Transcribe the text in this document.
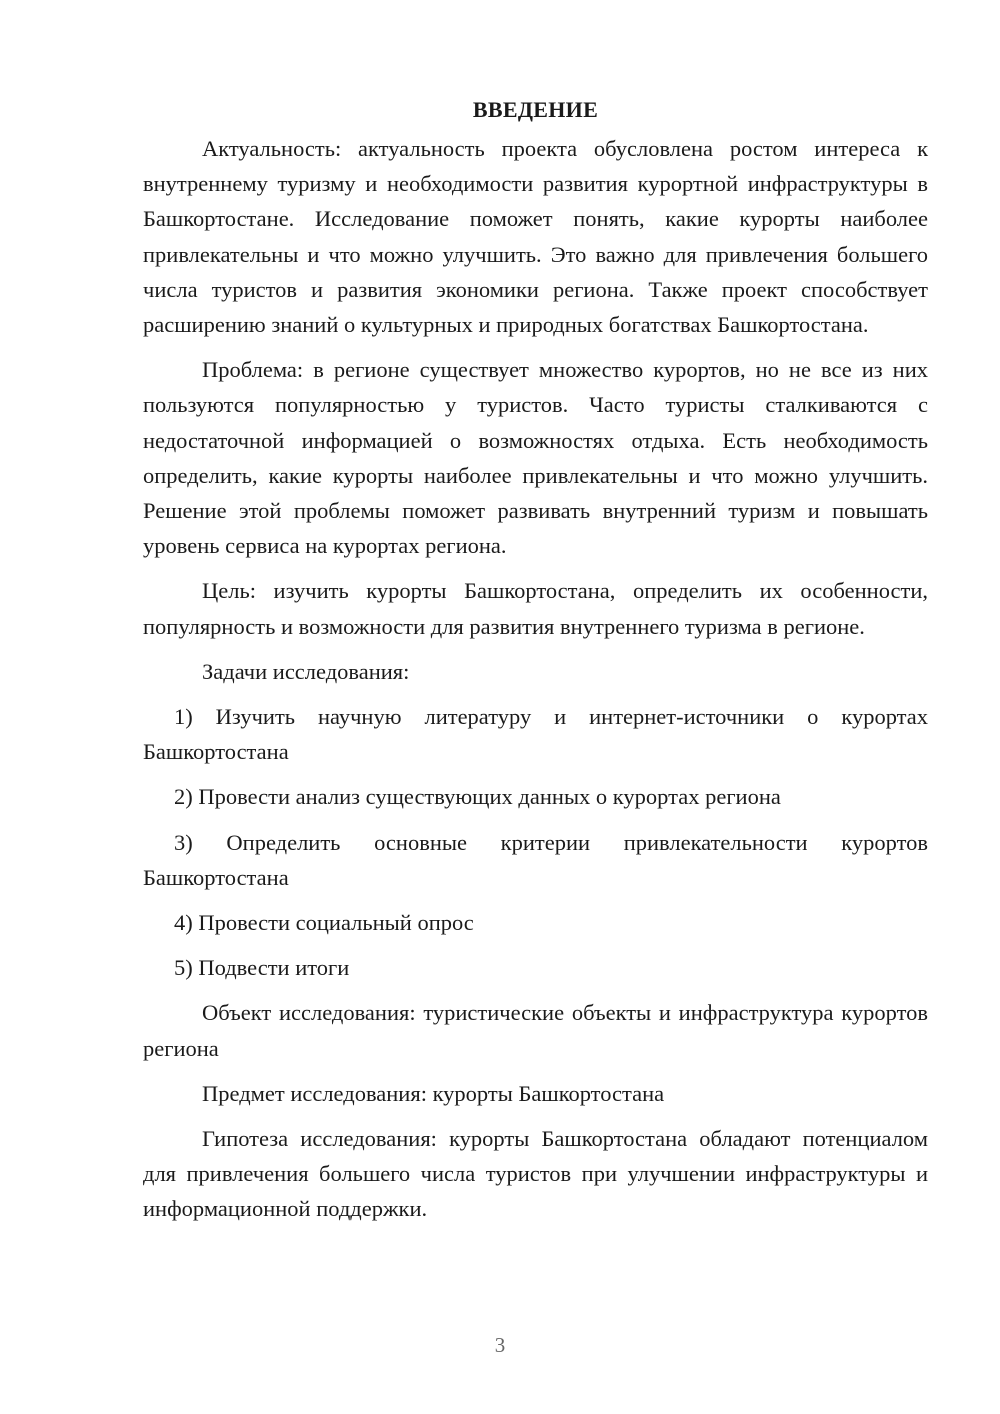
ВВЕДЕНИЕ

Актуальность: актуальность проекта обусловлена ростом интереса к внутреннему туризму и необходимости развития курортной инфраструктуры в Башкортостане. Исследование поможет понять, какие курорты наиболее привлекательны и что можно улучшить. Это важно для привлечения большего числа туристов и развития экономики региона. Также проект способствует расширению знаний о культурных и природных богатствах Башкортостана.

Проблема: в регионе существует множество курортов, но не все из них пользуются популярностью у туристов. Часто туристы сталкиваются с недостаточной информацией о возможностях отдыха. Есть необходимость определить, какие курорты наиболее привлекательны и что можно улучшить. Решение этой проблемы поможет развивать внутренний туризм и повышать уровень сервиса на курортах региона.

Цель: изучить курорты Башкортостана, определить их особенности, популярность и возможности для развития внутреннего туризма в регионе.

Задачи исследования:

1) Изучить научную литературу и интернет-источники о курортах Башкортостана

2) Провести анализ существующих данных о курортах региона

3) Определить основные критерии привлекательности курортов Башкортостана

4) Провести социальный опрос

5) Подвести итоги

Объект исследования: туристические объекты и инфраструктура курортов региона

Предмет исследования: курорты Башкортостана

Гипотеза исследования: курорты Башкортостана обладают потенциалом для привлечения большего числа туристов при улучшении инфраструктуры и информационной поддержки.

3
